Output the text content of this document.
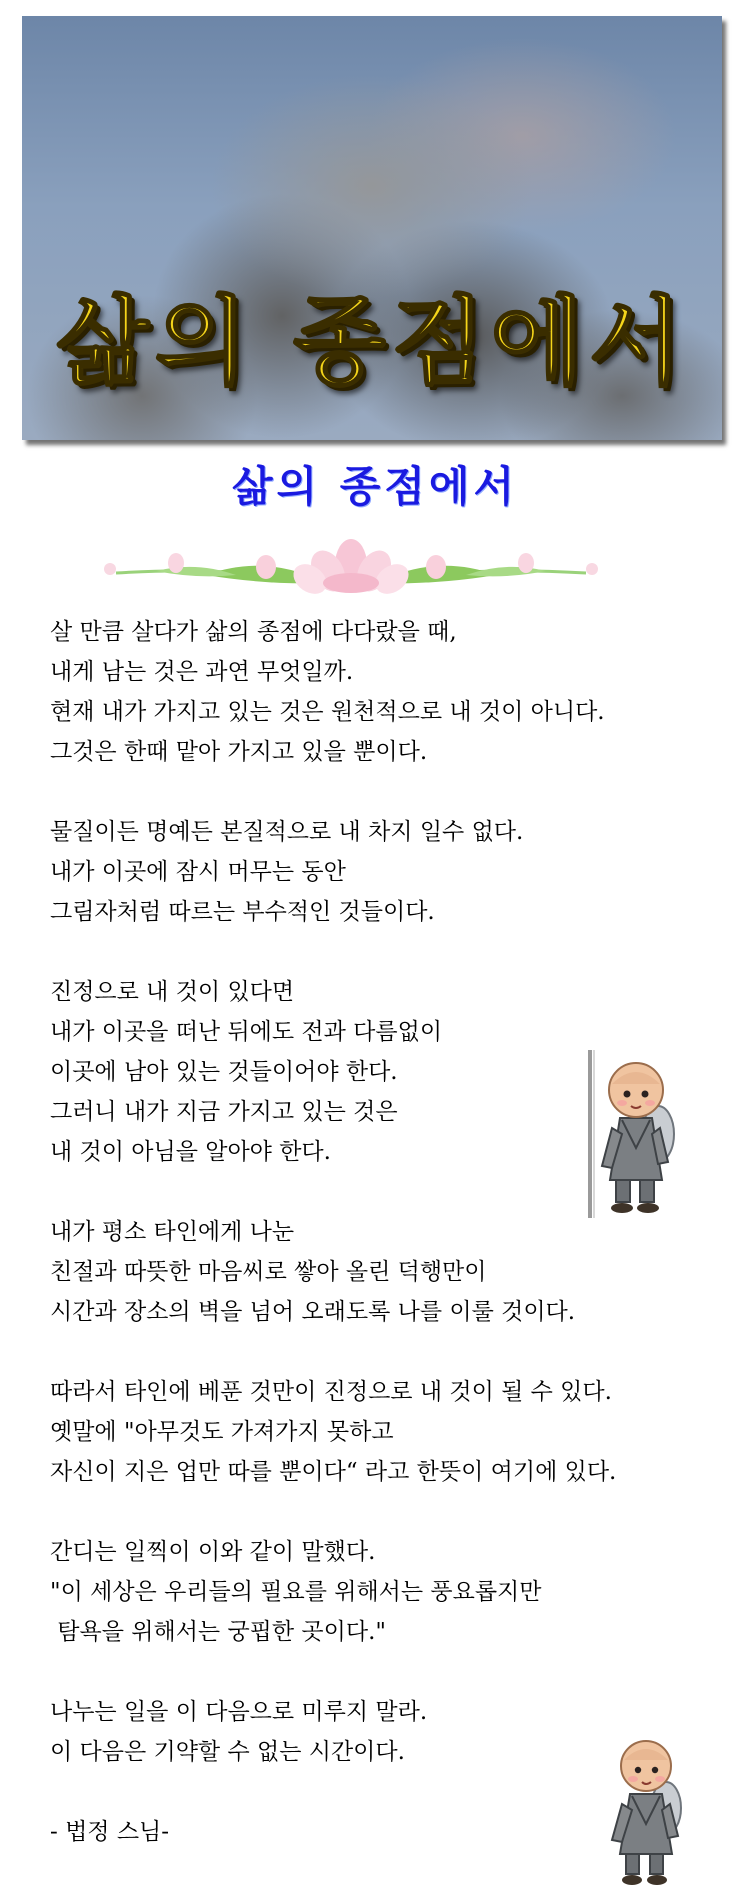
삶의 종점에서
삶의 종점에서
살 만큼 살다가 삶의 종점에 다다랐을 때,
내게 남는 것은 과연 무엇일까.
현재 내가 가지고 있는 것은 원천적으로 내 것이 아니다.
그것은 한때 맡아 가지고 있을 뿐이다.
물질이든 명예든 본질적으로 내 차지 일수 없다.
내가 이곳에 잠시 머무는 동안
그림자처럼 따르는 부수적인 것들이다.
진정으로 내 것이 있다면
내가 이곳을 떠난 뒤에도 전과 다름없이
이곳에 남아 있는 것들이어야 한다.
그러니 내가 지금 가지고 있는 것은
내 것이 아님을 알아야 한다.
내가 평소 타인에게 나눈
친절과 따뜻한 마음씨로 쌓아 올린 덕행만이
시간과 장소의 벽을 넘어 오래도록 나를 이룰 것이다.
따라서 타인에 베푼 것만이 진정으로 내 것이 될 수 있다.
옛말에 "아무것도 가져가지 못하고
자신이 지은 업만 따를 뿐이다“ 라고 한뜻이 여기에 있다.
간디는 일찍이 이와 같이 말했다.
"이 세상은 우리들의 필요를 위해서는 풍요롭지만
탐욕을 위해서는 궁핍한 곳이다."
나누는 일을 이 다음으로 미루지 말라.
이 다음은 기약할 수 없는 시간이다.
- 법정 스님-
